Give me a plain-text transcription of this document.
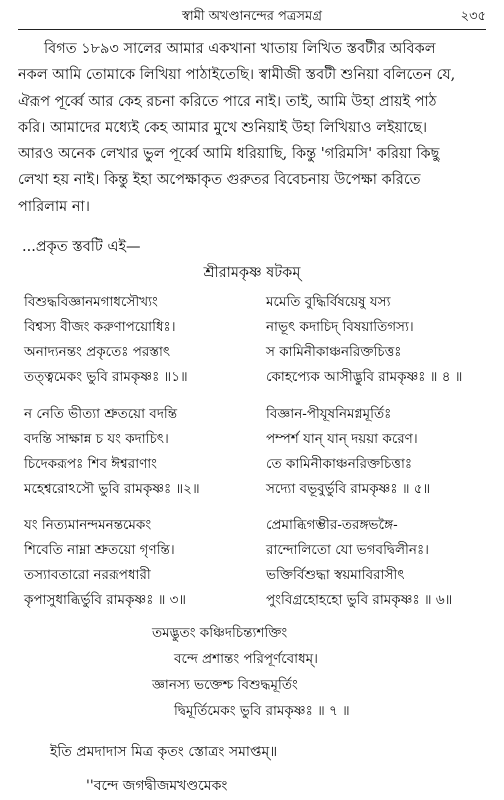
স্বামী অখণ্ডানন্দের পত্রসমগ্র	২৩৫
বিগত ১৮৯৩ সালের আমার একখানা খাতায় লিখিত স্তবটীর অবিকল
নকল আমি তোমাকে লিখিয়া পাঠাইতেছি। স্বামীজী স্তবটী শুনিয়া বলিতেন যে,
ঐরূপ পূর্ব্বে আর কেহ রচনা করিতে পারে নাই। তাই, আমি উহা প্রায়ই পাঠ
করি। আমাদের মধ্যেই কেহ আমার মুখে শুনিয়াই উহা লিখিয়াও লইয়াছে।
আরও অনেক লেখার ভুল পূর্ব্বে আমি ধরিয়াছি, কিন্তু 'গরিমসি' করিয়া কিছু
লেখা হয় নাই। কিন্তু ইহা অপেক্ষাকৃত গুরুতর বিবেচনায় উপেক্ষা করিতে
পারিলাম না।
...প্রকৃত স্তবটি এই—
শ্রীরামকৃষ্ণ ষটকম্
বিশুদ্ধবিজ্ঞানমগাধসৌখ্যং
বিশ্বস্য বীজং করুণাপয়োধিঃ।
অনাদ্যনন্তং প্রকৃতেঃ পরস্তাৎ
তত্ত্বমেকং ভুবি রামকৃষ্ণঃ ॥১॥
মমেতি বুদ্ধির্বিষয়েষু যস্য
নাভূৎ কদাচিদ্ বিষয়াতিগস্য।
স কামিনীকাঞ্চনরিক্তচিত্তঃ
কোহপ্যেক আসীদ্ভুবি রামকৃষ্ণঃ ॥ ৪ ॥
ন নেতি ভীত্যা শ্রুতয়ো বদন্তি
বদন্তি সাক্ষান্ন চ যং কদাচিৎ।
চিদেকরূপঃ শিব ঈশ্বরাণাং
মহেশ্বরোঽসৌ ভুবি রামকৃষ্ণঃ ॥২॥
বিজ্ঞান-পীযূষনিমগ্নমূর্তিঃ
পম্পর্শ যান্ যান্ দয়য়া করেণ।
তে কামিনীকাঞ্চনরিক্তচিত্তাঃ
সদ্যো বভূবুর্ভুবি রামকৃষ্ণঃ ॥ ৫॥
যং নিত্যমানন্দমনন্তমেকং
শিবেতি নাম্না শ্রুতয়ো গৃণন্তি।
তস্যাবতারো নররূপধারী
কৃপাসুধাব্ধির্ভুবি রামকৃষ্ণঃ ॥ ৩॥
প্রেমাব্ধিগম্ভীর-তরঙ্গভঙ্গৈ-
রান্দোলিতো যো ভগবদ্বিলীনঃ।
ভক্তির্বিশুদ্ধা স্বয়মাবিরাসীৎ
পুংবিগ্রহোহহো ভুবি রামকৃষ্ণঃ ॥ ৬॥
তমদ্ভুতং কঞ্চিদচিন্ত্যশক্তিং
বন্দে প্রশান্তং পরিপূর্ণবোধম্।
জ্ঞানস্য ভক্তেশ্চ বিশুদ্ধমূর্তিং
দ্বিমূর্তিমেকং ভুবি রামকৃষ্ণঃ ॥ ৭ ॥
ইতি প্রমদাদাস মিত্র কৃতং স্তোত্রং সমাপ্তম্॥
''বন্দে জগদ্বীজমখণ্ডমেকং
